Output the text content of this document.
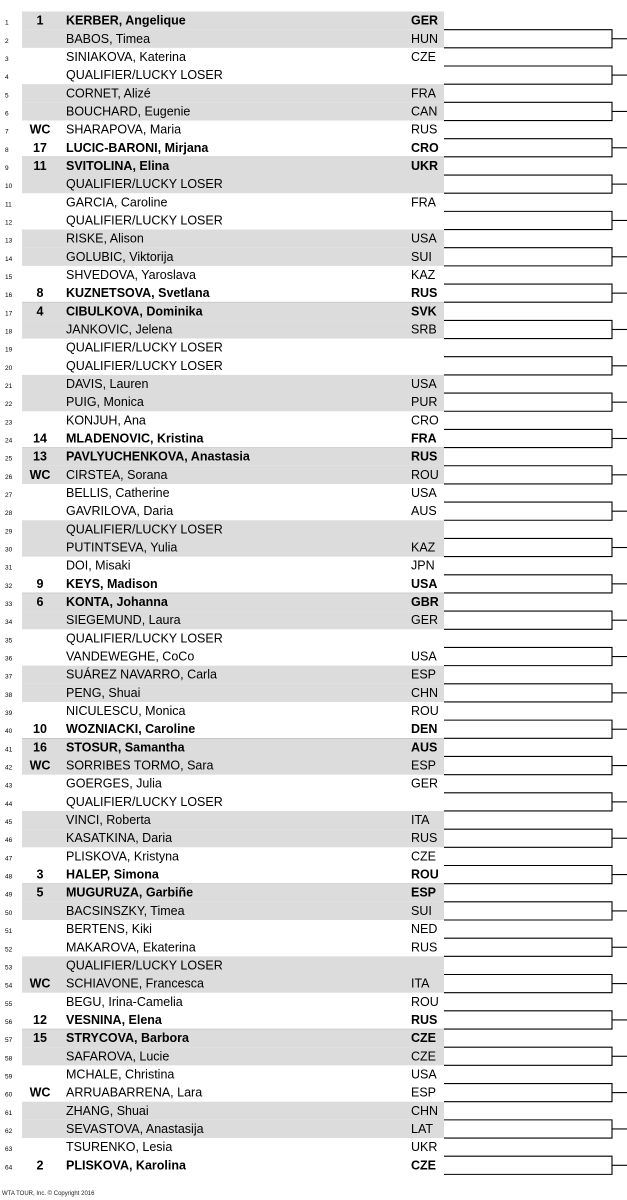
1 1 KERBER, Angelique	GER
2	BABOS, Timea	HUN
3	SINIAKOVA, Katerina	CZE
4	QUALIFIER/LUCKY LOSER
5	CORNET, Alizé	FRA
6	BOUCHARD, Eugenie	CAN
7 WC SHARAPOVA, Maria	RUS
8 17 LUCIC-BARONI, Mirjana	CRO
9 11 SVITOLINA, Elina	UKR
10	QUALIFIER/LUCKY LOSER
11	GARCIA, Caroline	FRA
12	QUALIFIER/LUCKY LOSER
13	RISKE, Alison	USA
14	GOLUBIC, Viktorija	SUI
15	SHVEDOVA, Yaroslava	KAZ
16 8 KUZNETSOVA, Svetlana	RUS
17 4 CIBULKOVA, Dominika	SVK
18	JANKOVIC, Jelena	SRB
19	QUALIFIER/LUCKY LOSER
20	QUALIFIER/LUCKY LOSER
21	DAVIS, Lauren	USA
22	PUIG, Monica	PUR
23	KONJUH, Ana	CRO
24 14 MLADENOVIC, Kristina	FRA
25 13 PAVLYUCHENKOVA, Anastasia	RUS
26 WC CIRSTEA, Sorana	ROU
27	BELLIS, Catherine	USA
28	GAVRILOVA, Daria	AUS
29	QUALIFIER/LUCKY LOSER
30	PUTINTSEVA, Yulia	KAZ
31	DOI, Misaki	JPN
32 9 KEYS, Madison	USA
33 6 KONTA, Johanna	GBR
34	SIEGEMUND, Laura	GER
35	QUALIFIER/LUCKY LOSER
36	VANDEWEGHE, CoCo	USA
37	SUÁREZ NAVARRO, Carla	ESP
38	PENG, Shuai	CHN
39	NICULESCU, Monica	ROU
40 10 WOZNIACKI, Caroline	DEN
41 16 STOSUR, Samantha	AUS
42 WC SORRIBES TORMO, Sara	ESP
43	GOERGES, Julia	GER
44	QUALIFIER/LUCKY LOSER
45	VINCI, Roberta	ITA
46	KASATKINA, Daria	RUS
47	PLISKOVA, Kristyna	CZE
48 3 HALEP, Simona	ROU
49 5 MUGURUZA, Garbiñe	ESP
50	BACSINSZKY, Timea	SUI
51	BERTENS, Kiki	NED
52	MAKAROVA, Ekaterina	RUS
53	QUALIFIER/LUCKY LOSER
54 WC SCHIAVONE, Francesca	ITA
55	BEGU, Irina-Camelia	ROU
56 12 VESNINA, Elena	RUS
57 15 STRYCOVA, Barbora	CZE
58	SAFAROVA, Lucie	CZE
59	MCHALE, Christina	USA
60 WC ARRUABARRENA, Lara	ESP
61	ZHANG, Shuai	CHN
62	SEVASTOVA, Anastasija	LAT
63	TSURENKO, Lesia	UKR
64 2 PLISKOVA, Karolina	CZE
WTA TOUR, Inc. © Copyright 2016
